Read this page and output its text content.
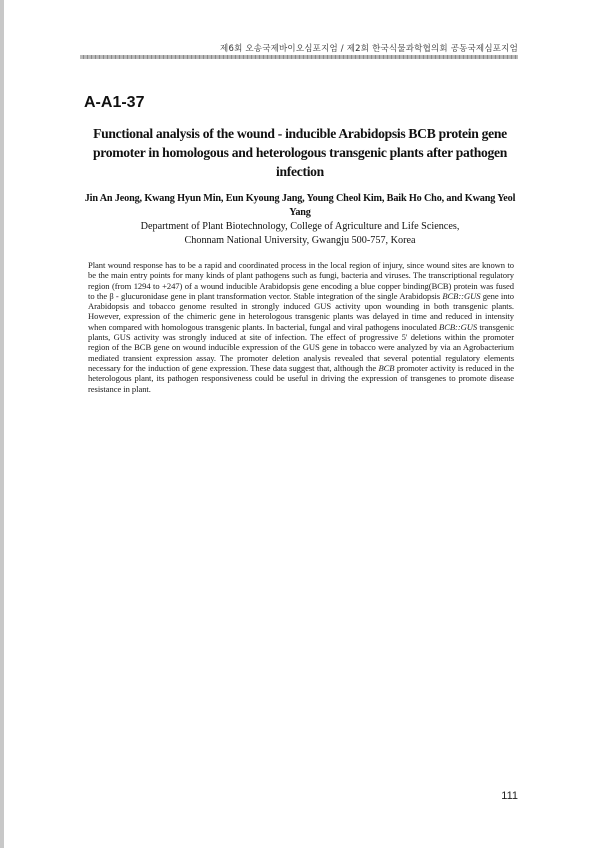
제6회 오송국제바이오심포지엄 / 제2회 한국식물과학협의회 공동국제심포지엄
A-A1-37
Functional analysis of the wound - inducible Arabidopsis BCB protein gene promoter in homologous and heterologous transgenic plants after pathogen infection
Jin An Jeong, Kwang Hyun Min, Eun Kyoung Jang, Young Cheol Kim, Baik Ho Cho, and Kwang Yeol Yang
Department of Plant Biotechnology, College of Agriculture and Life Sciences,
Chonnam National University, Gwangju 500-757, Korea

Plant wound response has to be a rapid and coordinated process in the local region of injury, since wound sites are known to be the main entry points for many kinds of plant pathogens such as fungi, bacteria and viruses. The transcriptional regulatory region (from 1294 to +247) of a wound inducible Arabidopsis gene encoding a blue copper binding(BCB) protein was fused to the β - glucuronidase gene in plant transformation vector. Stable integration of the single Arabidopsis BCB::GUS gene into Arabidopsis and tobacco genome resulted in strongly induced GUS activity upon wounding in both transgenic plants. However, expression of the chimeric gene in heterologous transgenic plants was delayed in time and reduced in intensity when compared with homologous transgenic plants. In bacterial, fungal and viral pathogens inoculated BCB::GUS transgenic plants, GUS activity was strongly induced at site of infection. The effect of progressive 5' deletions within the promoter region of the BCB gene on wound inducible expression of the GUS gene in tobacco were analyzed by via an Agrobacterium mediated transient expression assay. The promoter deletion analysis revealed that several potential regulatory elements necessary for the induction of gene expression. These data suggest that, although the BCB promoter activity is reduced in the heterologous plant, its pathogen responsiveness could be useful in driving the expression of transgenes to promote disease resistance in plant.

111
